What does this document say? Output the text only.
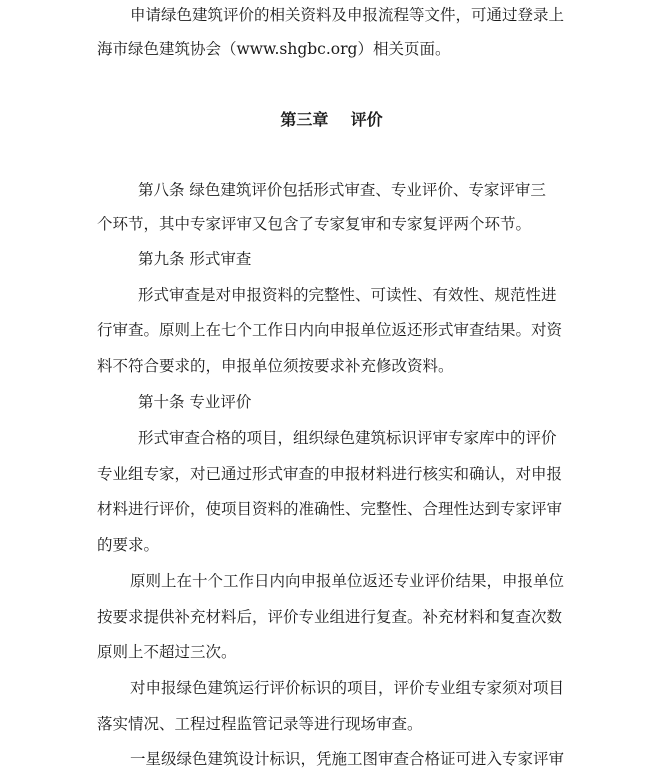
申请绿色建筑评价的相关资料及申报流程等文件，可通过登录上
海市绿色建筑协会（www.shgbc.org）相关页面。
第三章    评价
第八条 绿色建筑评价包括形式审查、专业评价、专家评审三
个环节，其中专家评审又包含了专家复审和专家复评两个环节。
第九条 形式审查
形式审查是对申报资料的完整性、可读性、有效性、规范性进
行审查。原则上在七个工作日内向申报单位返还形式审查结果。对资
料不符合要求的，申报单位须按要求补充修改资料。
第十条 专业评价
形式审查合格的项目，组织绿色建筑标识评审专家库中的评价
专业组专家，对已通过形式审查的申报材料进行核实和确认，对申报
材料进行评价，使项目资料的准确性、完整性、合理性达到专家评审
的要求。
原则上在十个工作日内向申报单位返还专业评价结果，申报单位
按要求提供补充材料后，评价专业组进行复查。补充材料和复查次数
原则上不超过三次。
对申报绿色建筑运行评价标识的项目，评价专业组专家须对项目
落实情况、工程过程监管记录等进行现场审查。
一星级绿色建筑设计标识，凭施工图审查合格证可进入专家评审
